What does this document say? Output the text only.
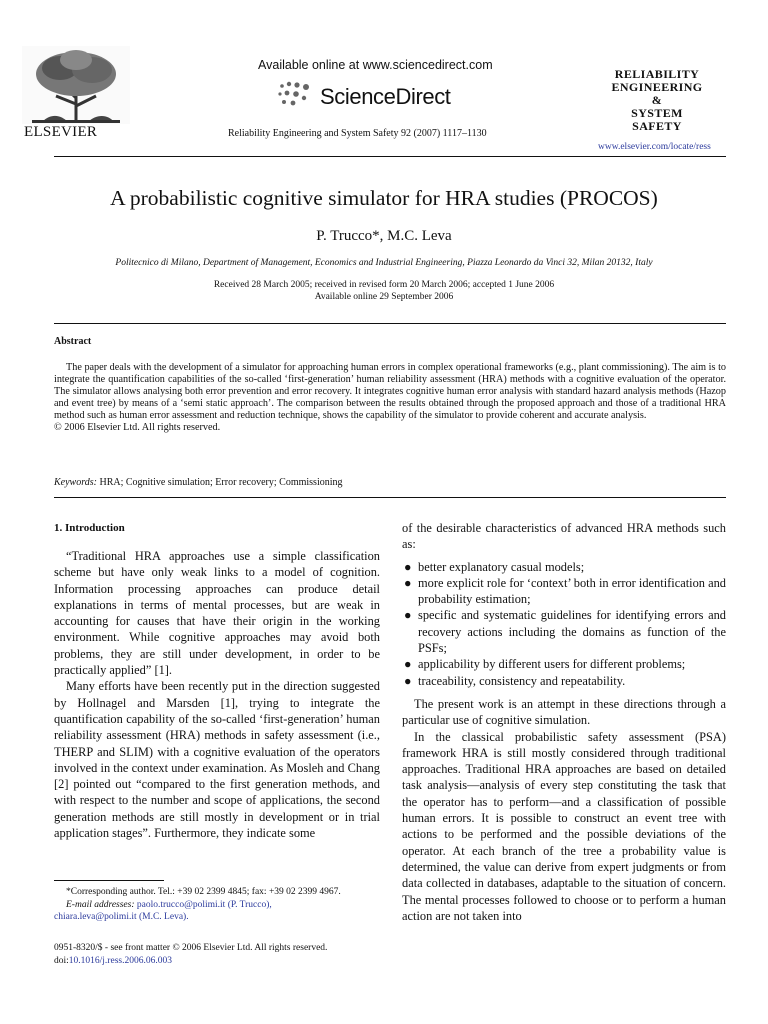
ELSEVIER
Available online at www.sciencedirect.com
ScienceDirect
Reliability Engineering and System Safety 92 (2007) 1117–1130
RELIABILITY
ENGINEERING
&
SYSTEM
SAFETY
www.elsevier.com/locate/ress
A probabilistic cognitive simulator for HRA studies (PROCOS)
P. Trucco*, M.C. Leva
Politecnico di Milano, Department of Management, Economics and Industrial Engineering, Piazza Leonardo da Vinci 32, Milan 20132, Italy
Received 28 March 2005; received in revised form 20 March 2006; accepted 1 June 2006
Available online 29 September 2006
Abstract

The paper deals with the development of a simulator for approaching human errors in complex operational frameworks (e.g., plant commissioning). The aim is to integrate the quantification capabilities of the so-called ‘first-generation’ human reliability assessment (HRA) methods with a cognitive evaluation of the operator. The simulator allows analysing both error prevention and error recovery. It integrates cognitive human error analysis with standard hazard analysis methods (Hazop and event tree) by means of a ‘semi static approach’. The comparison between the results obtained through the proposed approach and those of a traditional HRA method such as human error assessment and reduction technique, shows the capability of the simulator to provide coherent and accurate analysis.

© 2006 Elsevier Ltd. All rights reserved.
Keywords: HRA; Cognitive simulation; Error recovery; Commissioning
1. Introduction

“Traditional HRA approaches use a simple classification scheme but have only weak links to a model of cognition. Information processing approaches can produce detail explanations in terms of mental processes, but are weak in accounting for causes that have their origin in the working environment. While cognitive approaches may avoid both problems, they are still under development, in order to be practically applied” [1].

Many efforts have been recently put in the direction suggested by Hollnagel and Marsden [1], trying to integrate the quantification capability of the so-called ‘first-generation’ human reliability assessment (HRA) methods in safety assessment (i.e., THERP and SLIM) with a cognitive evaluation of the operators involved in the context under examination. As Mosleh and Chang [2] pointed out “compared to the first generation methods, and with respect to the number and scope of applications, the second generation methods are still mostly in development or in trial application stages”. Furthermore, they indicate some

of the desirable characteristics of advanced HRA methods such as:

● better explanatory casual models;
● more explicit role for ‘context’ both in error identification and probability estimation;
● specific and systematic guidelines for identifying errors and recovery actions including the domains as function of the PSFs;
● applicability by different users for different problems;
● traceability, consistency and repeatability.

The present work is an attempt in these directions through a particular use of cognitive simulation.

In the classical probabilistic safety assessment (PSA) framework HRA is still mostly considered through traditional approaches. Traditional HRA approaches are based on detailed task analysis—analysis of every step constituting the task that the operator has to perform—and a classification of possible human errors. It is possible to construct an event tree with actions to be performed and the possible deviations of the operator. At each branch of the tree a probability value is determined, the value can derive from expert judgments or from data collected in databases, adaptable to the situation of concern. The mental processes followed to choose or to perform a human action are not taken into

*Corresponding author. Tel.: +39 02 2399 4845; fax: +39 02 2399 4967.
E-mail addresses: paolo.trucco@polimi.it (P. Trucco),
chiara.leva@polimi.it (M.C. Leva).
0951-8320/$ - see front matter © 2006 Elsevier Ltd. All rights reserved.
doi:10.1016/j.ress.2006.06.003
